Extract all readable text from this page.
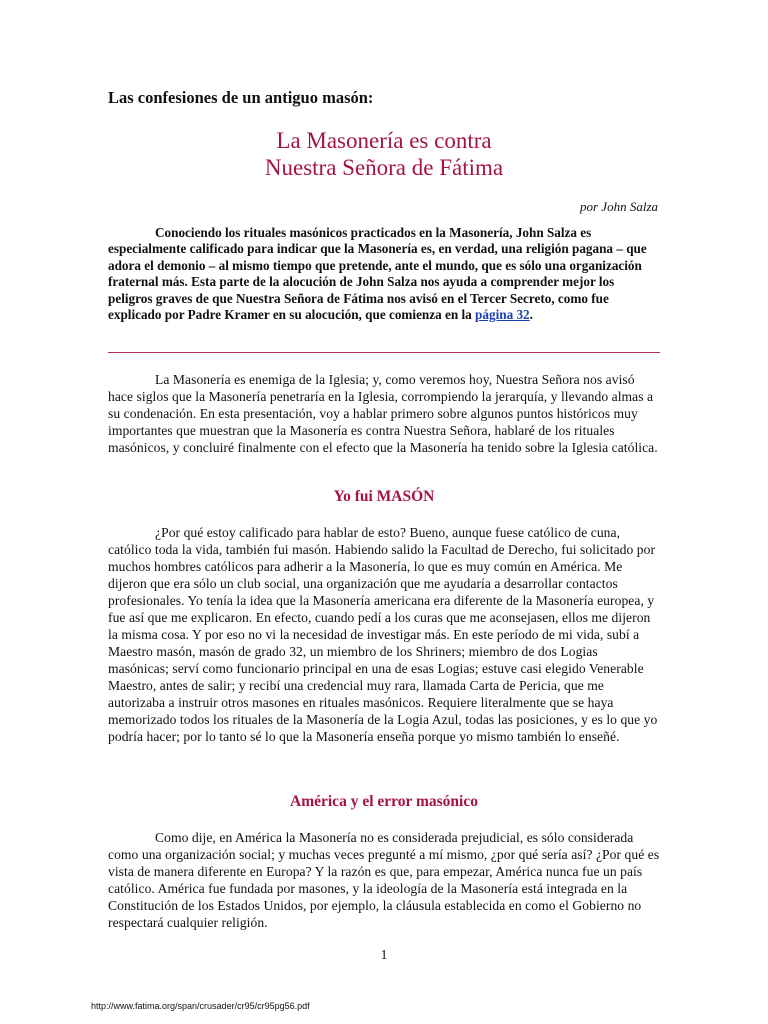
Las confesiones de un antiguo masón:

La Masonería es contra
Nuestra Señora de Fátima

por John Salza

Conociendo los rituales masónicos practicados en la Masonería, John Salza es especialmente calificado para indicar que la Masonería es, en verdad, una religión pagana – que adora el demonio – al mismo tiempo que pretende, ante el mundo, que es sólo una organización fraternal más. Esta parte de la alocución de John Salza nos ayuda a comprender mejor los peligros graves de que Nuestra Señora de Fátima nos avisó en el Tercer Secreto, como fue explicado por Padre Kramer en su alocución, que comienza en la página 32.

La Masonería es enemiga de la Iglesia; y, como veremos hoy, Nuestra Señora nos avisó hace siglos que la Masonería penetraría en la Iglesia, corrompiendo la jerarquía, y llevando almas a su condenación. En esta presentación, voy a hablar primero sobre algunos puntos históricos muy importantes que muestran que la Masonería es contra Nuestra Señora, hablaré de los rituales masónicos, y concluiré finalmente con el efecto que la Masonería ha tenido sobre la Iglesia católica.

Yo fui MASÓN

¿Por qué estoy calificado para hablar de esto? Bueno, aunque fuese católico de cuna, católico toda la vida, también fui masón. Habiendo salido la Facultad de Derecho, fui solicitado por muchos hombres católicos para adherir a la Masonería, lo que es muy común en América. Me dijeron que era sólo un club social, una organización que me ayudaría a desarrollar contactos profesionales. Yo tenía la idea que la Masonería americana era diferente de la Masonería europea, y fue así que me explicaron. En efecto, cuando pedí a los curas que me aconsejasen, ellos me dijeron la misma cosa. Y por eso no vi la necesidad de investigar más. En este período de mi vida, subí a Maestro masón, masón de grado 32, un miembro de los Shriners; miembro de dos Logias masónicas; serví como funcionario principal en una de esas Logias; estuve casi elegido Venerable Maestro, antes de salir; y recibí una credencial muy rara, llamada Carta de Pericia, que me autorizaba a instruir otros masones en rituales masónicos. Requiere literalmente que se haya memorizado todos los rituales de la Masonería de la Logia Azul, todas las posiciones, y es lo que yo podría hacer; por lo tanto sé lo que la Masonería enseña porque yo mismo también lo enseñé.

América y el error masónico

Como dije, en América la Masonería no es considerada prejudicial, es sólo considerada como una organización social; y muchas veces pregunté a mí mismo, ¿por qué sería así? ¿Por qué es vista de manera diferente en Europa? Y la razón es que, para empezar, América nunca fue un país católico. América fue fundada por masones, y la ideología de la Masonería está integrada en la Constitución de los Estados Unidos, por ejemplo, la cláusula establecida en como el Gobierno no respectará cualquier religión.

1

http://www.fatima.org/span/crusader/cr95/cr95pg56.pdf
